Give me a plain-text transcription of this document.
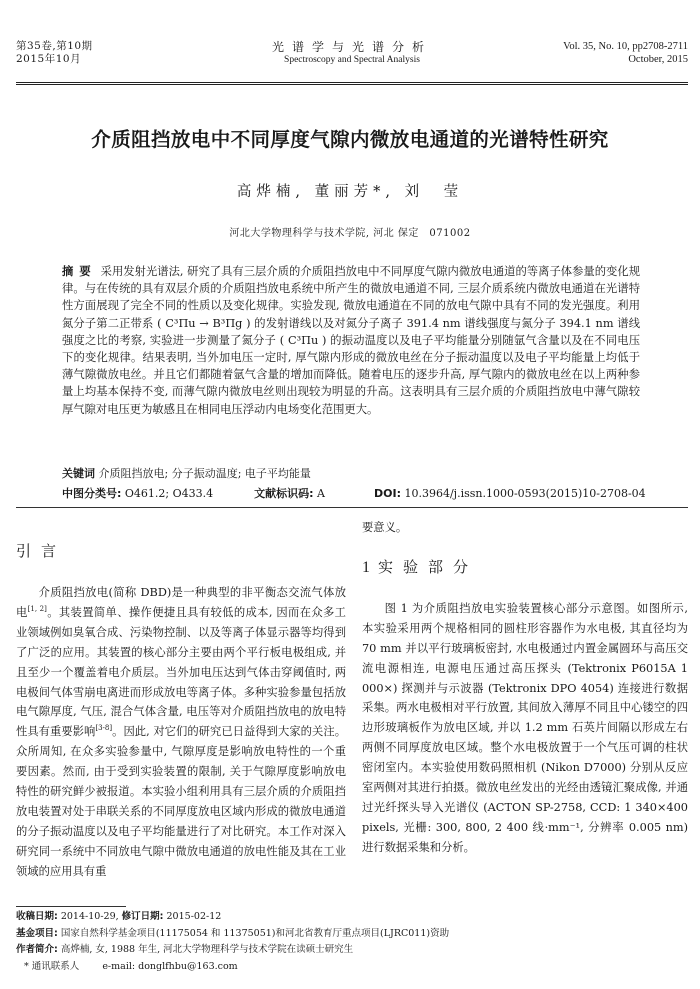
第35卷,第10期
2015年10月
光谱学与光谱分析
Spectroscopy and Spectral Analysis
Vol. 35, No. 10, pp2708-2711
October, 2015
介质阻挡放电中不同厚度气隙内微放电通道的光谱特性研究
高烨楠, 董丽芳*, 刘　莹
河北大学物理科学与技术学院, 河北 保定　071002
摘要 采用发射光谱法, 研究了具有三层介质的介质阻挡放电中不同厚度气隙内微放电通道的等离子体参量的变化规律。与在传统的具有双层介质的介质阻挡放电系统中所产生的微放电通道不同, 三层介质系统内微放电通道在光谱特性方面展现了完全不同的性质以及变化规律。实验发现, 微放电通道在不同的放电气隙中具有不同的发光强度。利用氮分子第二正带系 ( C³Πu → B³Πg ) 的发射谱线以及对氮分子离子 391.4 nm 谱线强度与氮分子 394.1 nm 谱线强度之比的考察, 实验进一步测量了氮分子 ( C³Πu ) 的振动温度以及电子平均能量分别随氩气含量以及在不同电压下的变化规律。结果表明, 当外加电压一定时, 厚气隙内形成的微放电丝在分子振动温度以及电子平均能量上均低于薄气隙微放电丝。并且它们都随着氩气含量的增加而降低。随着电压的逐步升高, 厚气隙内的微放电丝在以上两种参量上均基本保持不变, 而薄气隙内微放电丝则出现较为明显的升高。这表明具有三层介质的介质阻挡放电中薄气隙较厚气隙对电压更为敏感且在相同电压浮动内电场变化范围更大。
关键词 介质阻挡放电; 分子振动温度; 电子平均能量
中图分类号: O461.2; O433.4	文献标识码: A	DOI: 10.3964/j.issn.1000-0593(2015)10-2708-04
引言
介质阻挡放电(简称 DBD)是一种典型的非平衡态交流气体放电[1, 2]。其装置简单、操作便捷且具有较低的成本, 因而在众多工业领域例如臭氧合成、污染物控制、以及等离子体显示器等均得到了广泛的应用。其装置的核心部分主要由两个平行板电极组成, 并且至少一个覆盖着电介质层。当外加电压达到气体击穿阈值时, 两电极间气体雪崩电离进而形成放电等离子体。多种实验参量包括放电气隙厚度, 气压, 混合气体含量, 电压等对介质阻挡放电的放电特性具有重要影响[3-8]。因此, 对它们的研究已日益得到大家的关注。众所周知, 在众多实验参量中, 气隙厚度是影响放电特性的一个重要因素。然而, 由于受到实验装置的限制, 关于气隙厚度影响放电特性的研究鲜少被报道。本实验小组利用具有三层介质的介质阻挡放电装置对处于串联关系的不同厚度放电区域内形成的微放电通道的分子振动温度以及电子平均能量进行了对比研究。本工作对深入研究同一系统中不同放电气隙中微放电通道的放电性能及其在工业领域的应用具有重
要意义。
1 实验部分
图 1 为介质阻挡放电实验装置核心部分示意图。如图所示, 本实验采用两个规格相同的圆柱形容器作为水电极, 其直径均为 70 mm 并以平行玻璃板密封, 水电极通过内置金属圆环与高压交流电源相连, 电源电压通过高压探头 (Tektronix P6015A 1 000×) 探测并与示波器 (Tektronix DPO 4054) 连接进行数据采集。两水电极相对平行放置, 其间放入薄厚不同且中心镂空的四边形玻璃板作为放电区域, 并以 1.2 mm 石英片间隔以形成左右两侧不同厚度放电区域。整个水电极放置于一个气压可调的柱状密闭室内。本实验使用数码照相机 (Nikon D7000) 分别从反应室两侧对其进行拍摄。微放电丝发出的光经由透镜汇聚成像, 并通过光纤探头导入光谱仪 (ACTON SP-2758, CCD: 1 340×400 pixels, 光栅: 300, 800, 2 400 线·mm⁻¹, 分辨率 0.005 nm) 进行数据采集和分析。
收稿日期: 2014-10-29, 修订日期: 2015-02-12
基金项目: 国家自然科学基金项目(11175054 和 11375051)和河北省教育厅重点项目(LJRC011)资助
作者简介: 高烨楠, 女, 1988 年生, 河北大学物理科学与技术学院在读硕士研究生
* 通讯联系人 e-mail: donglfhbu@163.com
